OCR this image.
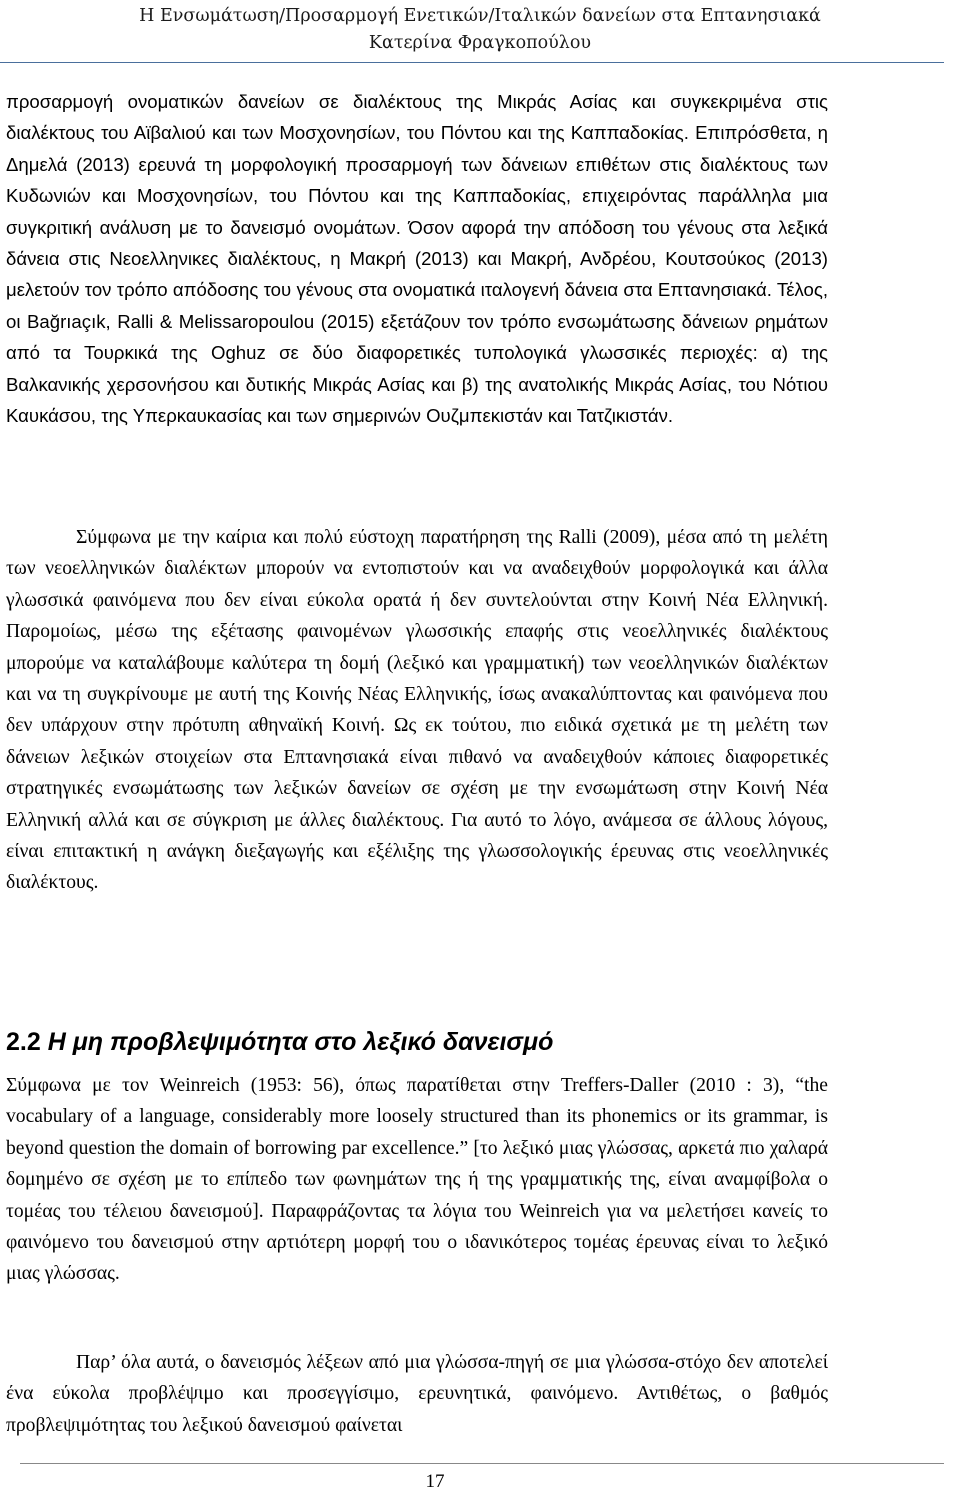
Η Ενσωμάτωση/Προσαρμογή Ενετικών/Ιταλικών δανείων στα Επτανησιακά
Κατερίνα Φραγκοπούλου

προσαρμογή ονοματικών δανείων σε διαλέκτους της Μικράς Ασίας και συγκεκριμένα στις διαλέκτους του Αϊβαλιού και των Μοσχονησίων, του Πόντου και της Καππαδοκίας. Επιπρόσθετα, η Δημελά (2013) ερευνά τη μορφολογική προσαρμογή των δάνειων επιθέτων στις διαλέκτους των Κυδωνιών και Μοσχονησίων, του Πόντου και της Καππαδοκίας, επιχειρόντας παράλληλα μια συγκριτική ανάλυση με το δανεισμό ονομάτων. Όσον αφορά την απόδοση του γένους στα λεξικά δάνεια στις Νεοελληνικες διαλέκτους, η Μακρή (2013) και Μακρή, Ανδρέου, Κουτσούκος (2013) μελετούν τον τρόπο απόδοσης του γένους στα ονοματικά ιταλογενή δάνεια στα Επτανησιακά. Τέλος, οι Bağrıaçık, Ralli & Melissaropoulou (2015) εξετάζουν τον τρόπο ενσωμάτωσης δάνειων ρημάτων από τα Τουρκικά της Oghuz σε δύο διαφορετικές τυπολογικά γλωσσικές περιοχές: α) της Βαλκανικής χερσονήσου και δυτικής Μικράς Ασίας και β) της ανατολικής Μικράς Ασίας, του Νότιου Καυκάσου, της Υπερκαυκασίας και των σημερινών Ουζμπεκιστάν και Τατζικιστάν.

Σύμφωνα με την καίρια και πολύ εύστοχη παρατήρηση της Ralli (2009), μέσα από τη μελέτη των νεοελληνικών διαλέκτων μπορούν να εντοπιστούν και να αναδειχθούν μορφολογικά και άλλα γλωσσικά φαινόμενα που δεν είναι εύκολα ορατά ή δεν συντελούνται στην Κοινή Νέα Ελληνική. Παρομοίως, μέσω της εξέτασης φαινομένων γλωσσικής επαφής στις νεοελληνικές διαλέκτους μπορούμε να καταλάβουμε καλύτερα τη δομή (λεξικό και γραμματική) των νεοελληνικών διαλέκτων και να τη συγκρίνουμε με αυτή της Κοινής Νέας Ελληνικής, ίσως ανακαλύπτοντας και φαινόμενα που δεν υπάρχουν στην πρότυπη αθηναϊκή Κοινή. Ως εκ τούτου, πιο ειδικά σχετικά με τη μελέτη των δάνειων λεξικών στοιχείων στα Επτανησιακά είναι πιθανό να αναδειχθούν κάποιες διαφορετικές στρατηγικές ενσωμάτωσης των λεξικών δανείων σε σχέση με την ενσωμάτωση στην Κοινή Νέα Ελληνική αλλά και σε σύγκριση με άλλες διαλέκτους. Για αυτό το λόγο, ανάμεσα σε άλλους λόγους, είναι επιτακτική η ανάγκη διεξαγωγής και εξέλιξης της γλωσσολογικής έρευνας στις νεοελληνικές διαλέκτους.

2.2 Η μη προβλεψιμότητα στο λεξικό δανεισμό

Σύμφωνα με τον Weinreich (1953: 56), όπως παρατίθεται στην Treffers-Daller (2010 : 3), “the vocabulary of a language, considerably more loosely structured than its phonemics or its grammar, is beyond question the domain of borrowing par excellence.” [το λεξικό μιας γλώσσας, αρκετά πιο χαλαρά δομημένο σε σχέση με το επίπεδο των φωνημάτων της ή της γραμματικής της, είναι αναμφίβολα ο τομέας του τέλειου δανεισμού]. Παραφράζοντας τα λόγια του Weinreich για να μελετήσει κανείς το φαινόμενο του δανεισμού στην αρτιότερη μορφή του ο ιδανικότερος τομέας έρευνας είναι το λεξικό μιας γλώσσας.

Παρ’ όλα αυτά, ο δανεισμός λέξεων από μια γλώσσα-πηγή σε μια γλώσσα-στόχο δεν αποτελεί ένα εύκολα προβλέψιμο και προσεγγίσιμο, ερευνητικά, φαινόμενο. Αντιθέτως, ο βαθμός προβλεψιμότητας του λεξικού δανεισμού φαίνεται

17
